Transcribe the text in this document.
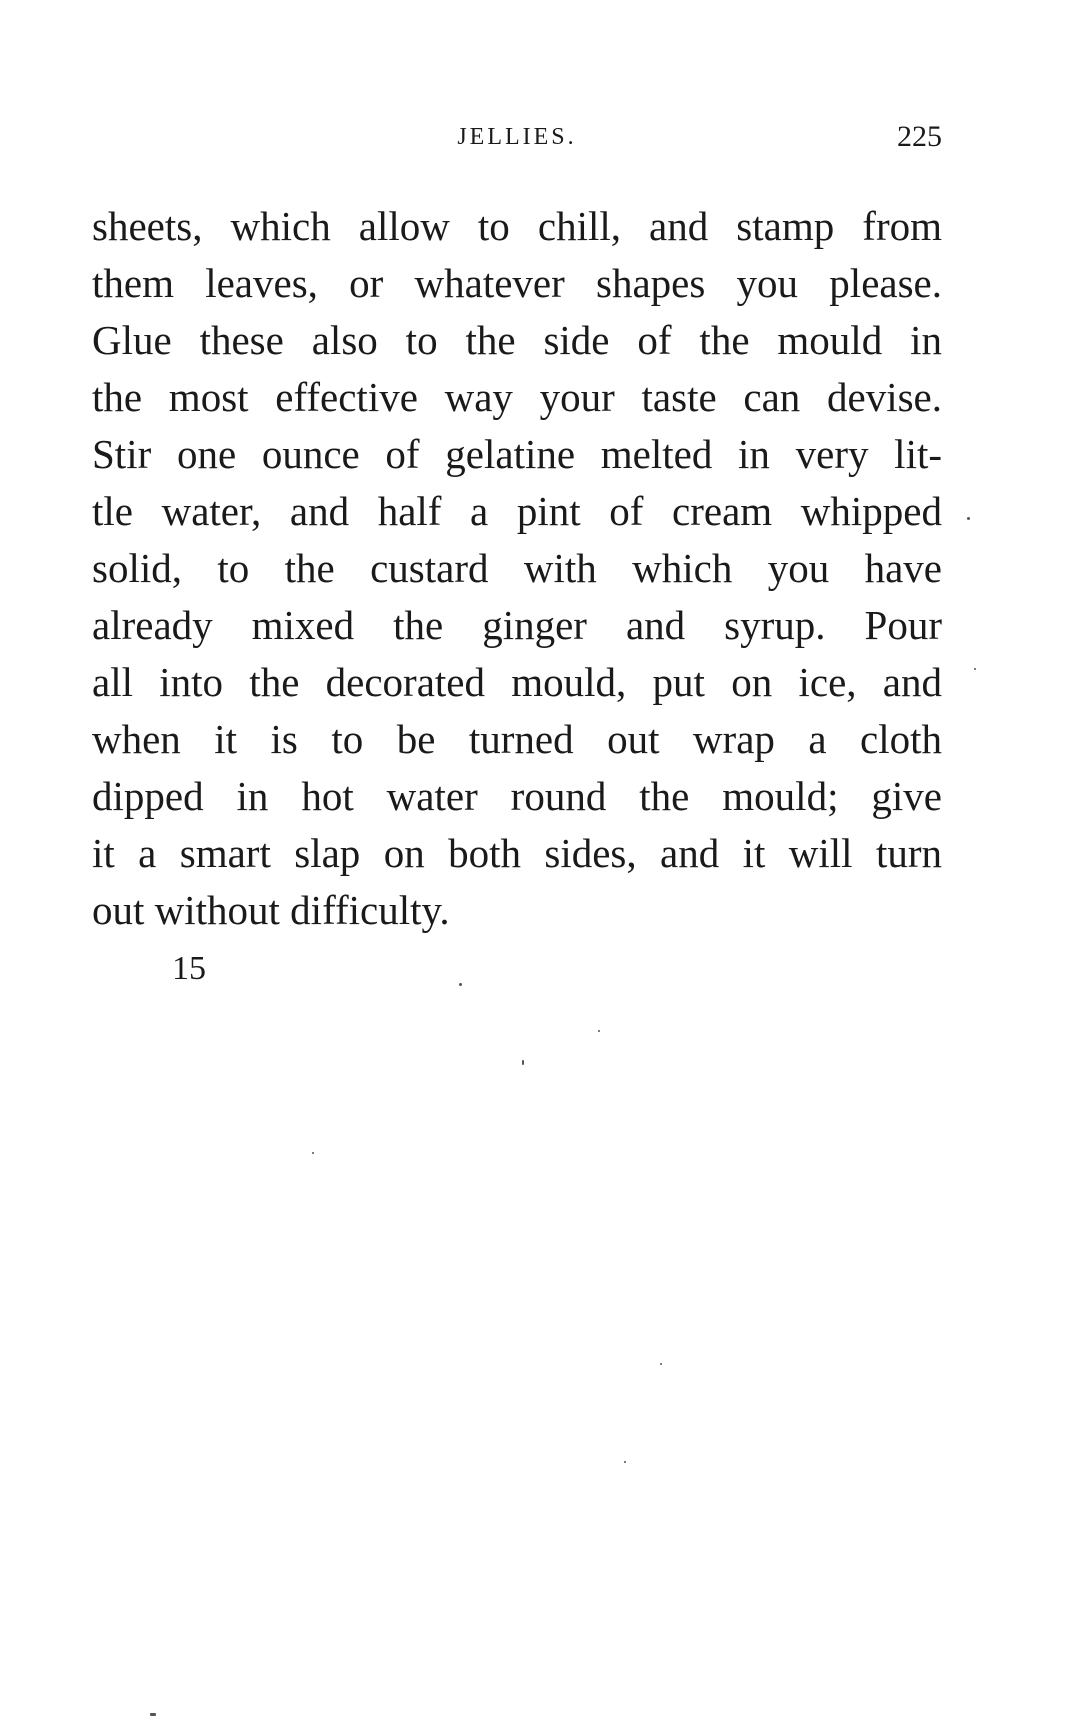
JELLIES.	225
sheets, which allow to chill, and stamp from
them leaves, or whatever shapes you please.
Glue these also to the side of the mould in
the most effective way your taste can devise.
Stir one ounce of gelatine melted in very lit-
tle water, and half a pint of cream whipped
solid, to the custard with which you have
already mixed the ginger and syrup. Pour
all into the decorated mould, put on ice, and
when it is to be turned out wrap a cloth
dipped in hot water round the mould; give
it a smart slap on both sides, and it will turn
out without difficulty.
15
